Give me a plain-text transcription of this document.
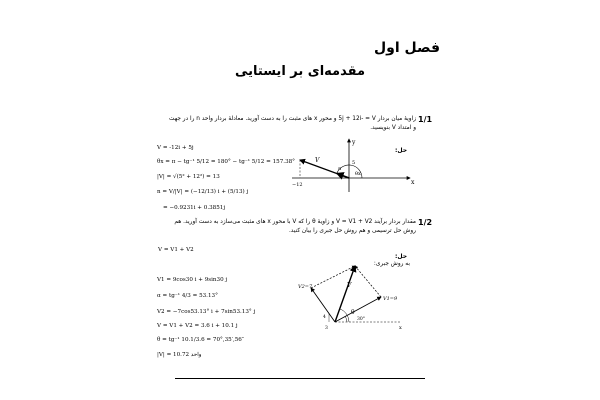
فصل اول
مقدمه‌ای بر ایستایی
1/1
زاویهٔ میان بردار 5j + 12i- = V و محور x های مثبت را به دست آورید. معادلهٔ بردار واحد n را در جهت
و امتداد V بنویسید.
حل:
V = -12i + 5j
θx = π − tg⁻¹ 5/12 = 180° − tg⁻¹ 5/12 = 157.38°
|V| = √(5² + 12²) = 13
n = V/|V| = (−12/13) i + (5/13) j
= −0.9231i + 0.3851j
x
y
V
n
θx
−12
5
1/2
مقدار بردار برآیند V = V1 + V2 و زاویهٔ θ را که V با محور x های مثبت می‌سازد به دست آورید. هم
روش حل ترسیمی و هم روش حل جبری را بیان کنید.
V = V1 + V2
حل:
به روش جبری:
V1 = 9cos30 i + 9sin30 j
α = tg⁻¹ 4/3 = 53.13°
V2 = −7cos53.13° i + 7sin53.13° j
V = V1 + V2 = 3.6 i + 10.1 j
θ = tg⁻¹ 10.1/3.6 = 70°,35′,56″
|V| = 10.72 واحد
V2=7
V1=9
V
θ
30°
x
3
4
